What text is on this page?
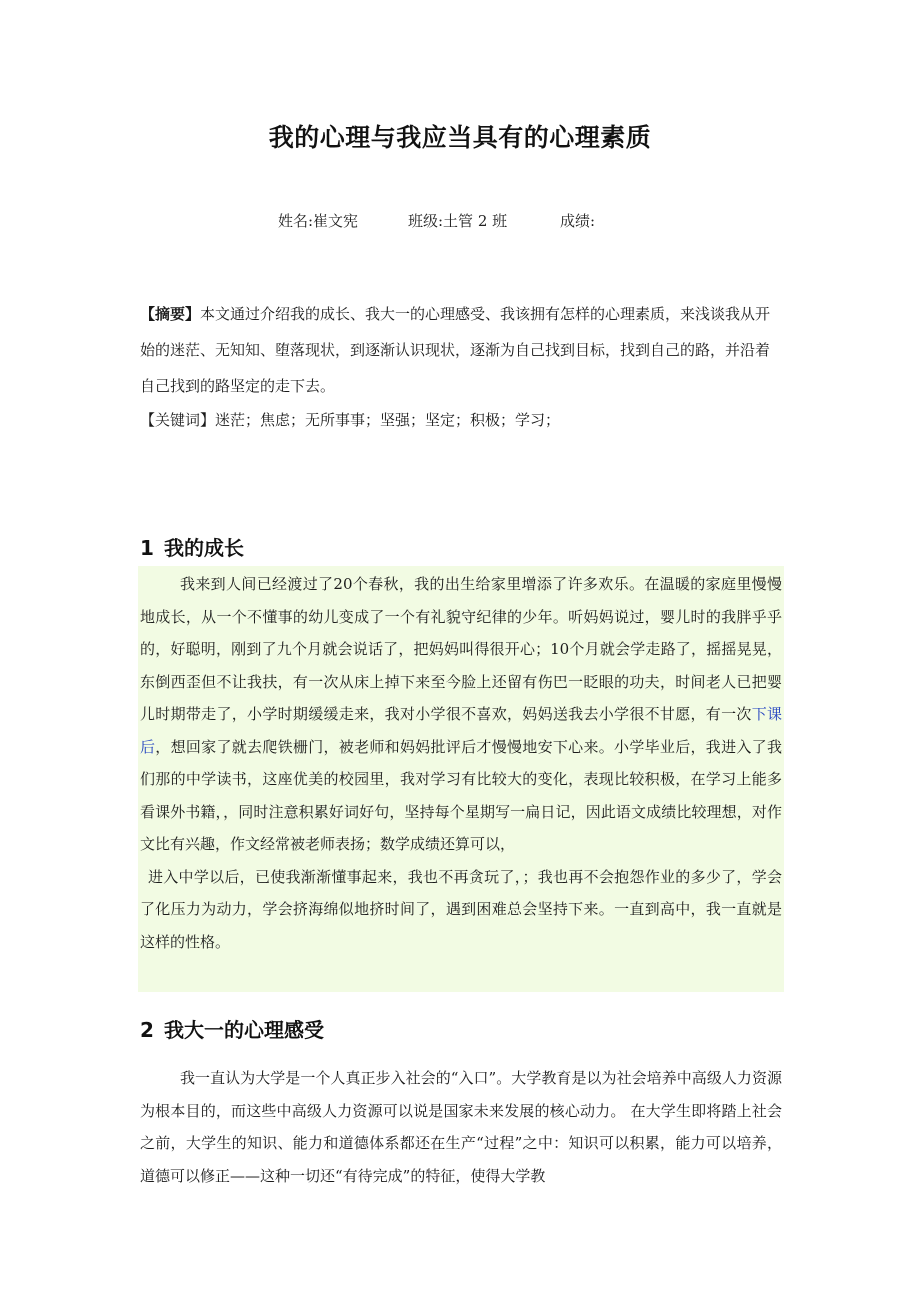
我的心理与我应当具有的心理素质
姓名:崔文宪	班级:土管 2 班	成绩:
【摘要】本文通过介绍我的成长、我大一的心理感受、我该拥有怎样的心理素质，来浅谈我从开始的迷茫、无知知、堕落现状，到逐渐认识现状，逐渐为自己找到目标，找到自己的路，并沿着自己找到的路坚定的走下去。
【关键词】迷茫；焦虑；无所事事；坚强；坚定；积极；学习；
1 我的成长

我来到人间已经渡过了20个春秋，我的出生给家里增添了许多欢乐。在温暖的家庭里慢慢地成长，从一个不懂事的幼儿变成了一个有礼貌守纪律的少年。听妈妈说过，婴儿时的我胖乎乎的，好聪明，刚到了九个月就会说话了，把妈妈叫得很开心；10个月就会学走路了，摇摇晃晃，东倒西歪但不让我扶，有一次从床上掉下来至今脸上还留有伤巴一眨眼的功夫，时间老人已把婴儿时期带走了，小学时期缓缓走来，我对小学很不喜欢，妈妈送我去小学很不甘愿，有一次下课后，想回家了就去爬铁栅门，被老师和妈妈批评后才慢慢地安下心来。小学毕业后，我进入了我们那的中学读书，这座优美的校园里，我对学习有比较大的变化，表现比较积极，在学习上能多看课外书籍，，同时注意积累好词好句，坚持每个星期写一扁日记，因此语文成绩比较理想，对作文比有兴趣，作文经常被老师表扬；数学成绩还算可以，

进入中学以后，已使我渐渐懂事起来，我也不再贪玩了，；我也再不会抱怨作业的多少了，学会了化压力为动力，学会挤海绵似地挤时间了，遇到困难总会坚持下来。一直到高中，我一直就是这样的性格。

2 我大一的心理感受

我一直认为大学是一个人真正步入社会的“入口”。大学教育是以为社会培养中高级人力资源为根本目的，而这些中高级人力资源可以说是国家未来发展的核心动力。 在大学生即将踏上社会之前，大学生的知识、能力和道德体系都还在生产“过程”之中：知识可以积累，能力可以培养，道德可以修正——这种一切还“有待完成”的特征，使得大学教
